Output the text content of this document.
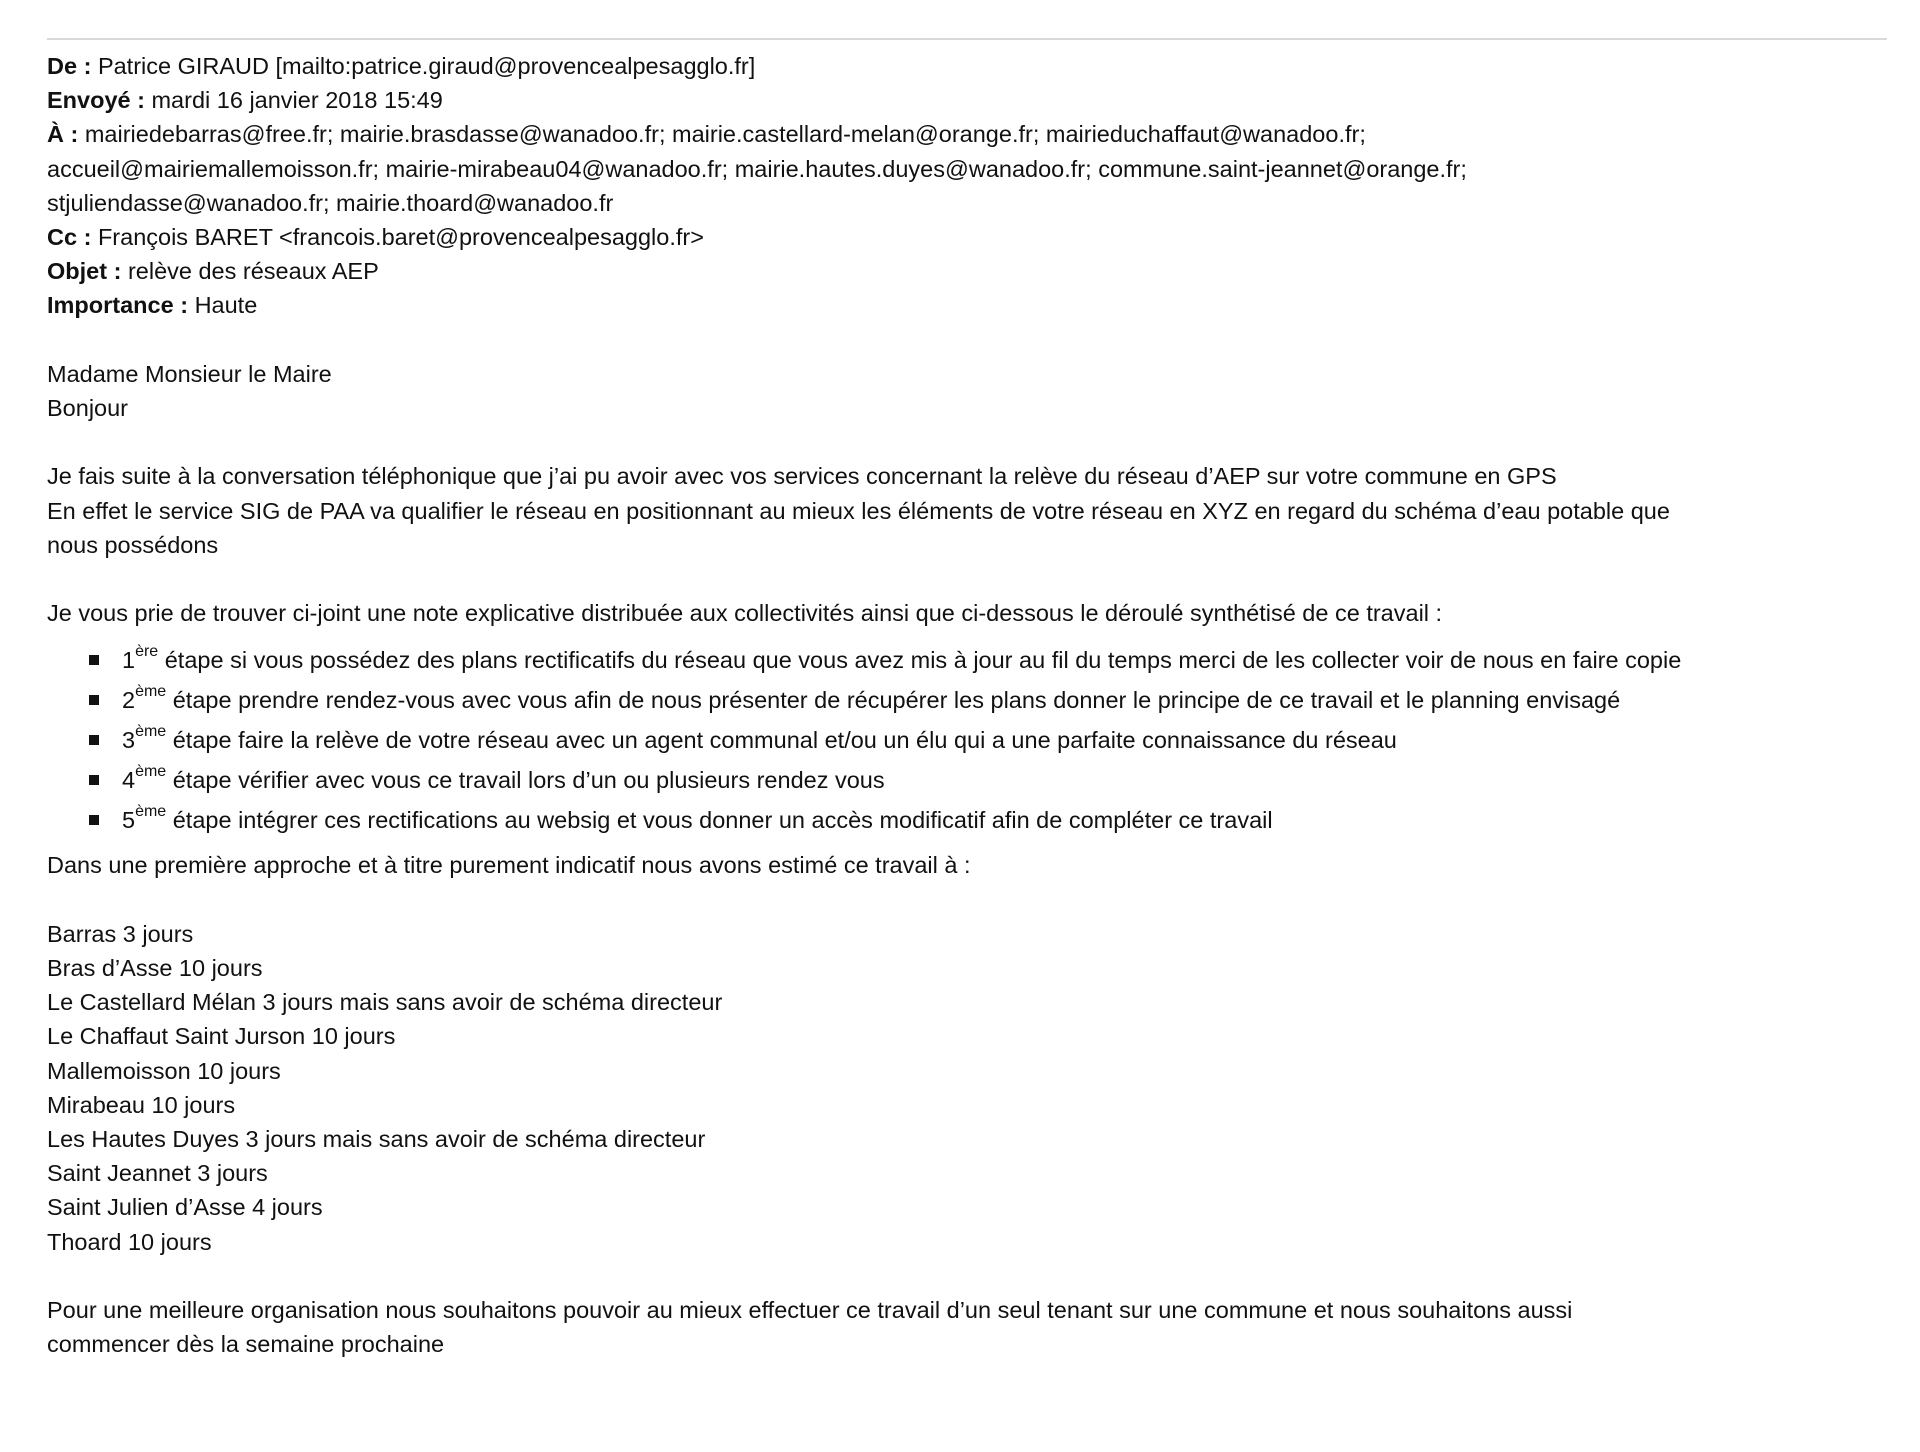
De : Patrice GIRAUD [mailto:patrice.giraud@provencealpesagglo.fr]
Envoyé : mardi 16 janvier 2018 15:49
À : mairiedebarras@free.fr; mairie.brasdasse@wanadoo.fr; mairie.castellard-melan@orange.fr; mairieduchaffaut@wanadoo.fr;
accueil@mairiemallemoisson.fr; mairie-mirabeau04@wanadoo.fr; mairie.hautes.duyes@wanadoo.fr; commune.saint-jeannet@orange.fr;
stjuliendasse@wanadoo.fr; mairie.thoard@wanadoo.fr
Cc : François BARET <francois.baret@provencealpesagglo.fr>
Objet : relève des réseaux AEP
Importance : Haute
Madame Monsieur le Maire
Bonjour
Je fais suite à la conversation téléphonique que j’ai pu avoir avec vos services concernant la relève du réseau d’AEP sur votre commune en GPS
En effet le service SIG de PAA va qualifier le réseau en positionnant au mieux les éléments de votre réseau en XYZ en regard du schéma d’eau potable que
nous possédons
Je vous prie de trouver ci-joint une note explicative distribuée aux collectivités ainsi que ci-dessous le déroulé synthétisé de ce travail :
1ère étape si vous possédez des plans rectificatifs du réseau que vous avez mis à jour au fil du temps merci de les collecter voir de nous en faire copie
2ème étape prendre rendez-vous avec vous afin de nous présenter de récupérer les plans donner le principe de ce travail et le planning envisagé
3ème étape faire la relève de votre réseau avec un agent communal et/ou un élu qui a une parfaite connaissance du réseau
4ème étape vérifier avec vous ce travail lors d’un ou plusieurs rendez vous
5ème étape intégrer ces rectifications au websig et vous donner un accès modificatif afin de compléter ce travail
Dans une première approche et à titre purement indicatif nous avons estimé ce travail à :
Barras 3 jours
Bras d’Asse 10 jours
Le Castellard Mélan 3 jours mais sans avoir de schéma directeur
Le Chaffaut Saint Jurson 10 jours
Mallemoisson 10 jours
Mirabeau 10 jours
Les Hautes Duyes 3 jours mais sans avoir de schéma directeur
Saint Jeannet 3 jours
Saint Julien d’Asse 4 jours
Thoard 10 jours
Pour une meilleure organisation nous souhaitons pouvoir au mieux effectuer ce travail d’un seul tenant sur une commune et nous souhaitons aussi
commencer dès la semaine prochaine
